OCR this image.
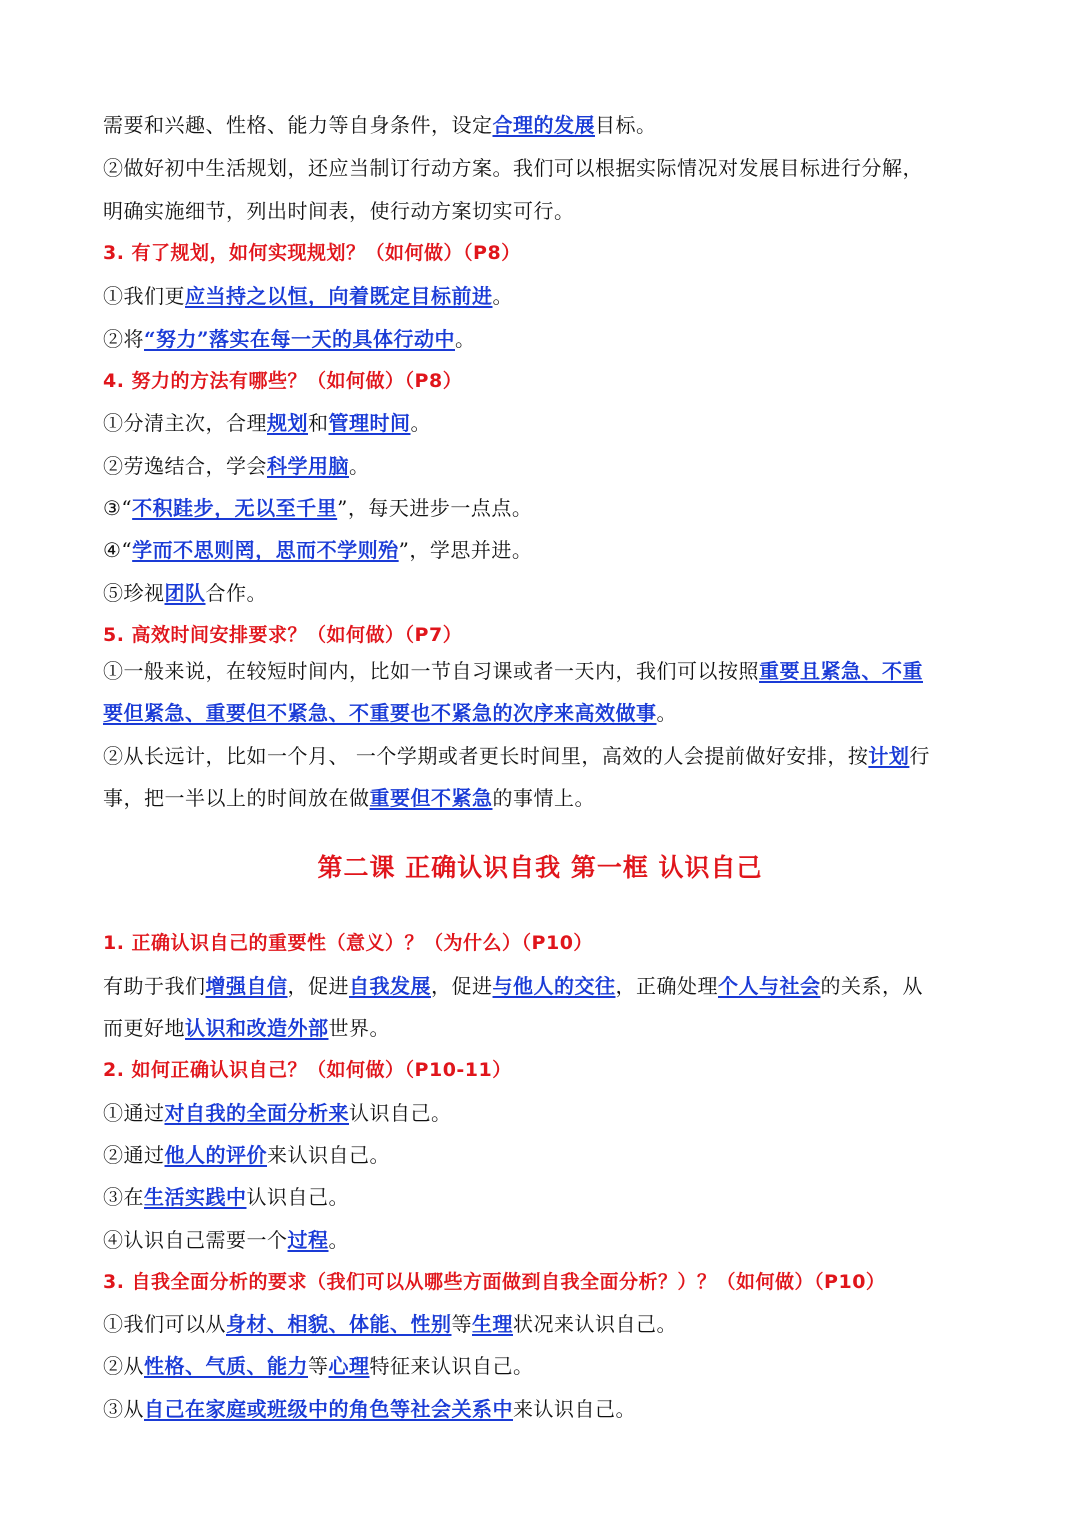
第二课 正确认识自我 第一框 认识自己
需要和兴趣、性格、能力等自身条件，设定合理的发展目标。
②做好初中生活规划，还应当制订行动方案。我们可以根据实际情况对发展目标进行分解，
明确实施细节，列出时间表，使行动方案切实可行。
3. 有了规划，如何实现规划？（如何做）（P8）
①我们更应当持之以恒，向着既定目标前进。
②将“努力”落实在每一天的具体行动中。
4. 努力的方法有哪些？（如何做）（P8）
①分清主次，合理规划和管理时间。
②劳逸结合，学会科学用脑。
③“不积跬步，无以至千里”，每天进步一点点。
④“学而不思则罔，思而不学则殆”，学思并进。
⑤珍视团队合作。
5. 高效时间安排要求？（如何做）（P7）
①一般来说，在较短时间内，比如一节自习课或者一天内，我们可以按照重要且紧急、不重
要但紧急、重要但不紧急、不重要也不紧急的次序来高效做事。
②从长远计，比如一个月、 一个学期或者更长时间里，高效的人会提前做好安排，按计划行
事，把一半以上的时间放在做重要但不紧急的事情上。
1. 正确认识自己的重要性（意义）？（为什么）（P10）
有助于我们增强自信，促进自我发展，促进与他人的交往，正确处理个人与社会的关系，从
而更好地认识和改造外部世界。
2. 如何正确认识自己？（如何做）（P10-11）
①通过对自我的全面分析来认识自己。
②通过他人的评价来认识自己。
③在生活实践中认识自己。
④认识自己需要一个过程。
3. 自我全面分析的要求（我们可以从哪些方面做到自我全面分析？）？（如何做）（P10）
①我们可以从身材、相貌、体能、性别等生理状况来认识自己。
②从性格、气质、能力等心理特征来认识自己。
③从自己在家庭或班级中的角色等社会关系中来认识自己。
